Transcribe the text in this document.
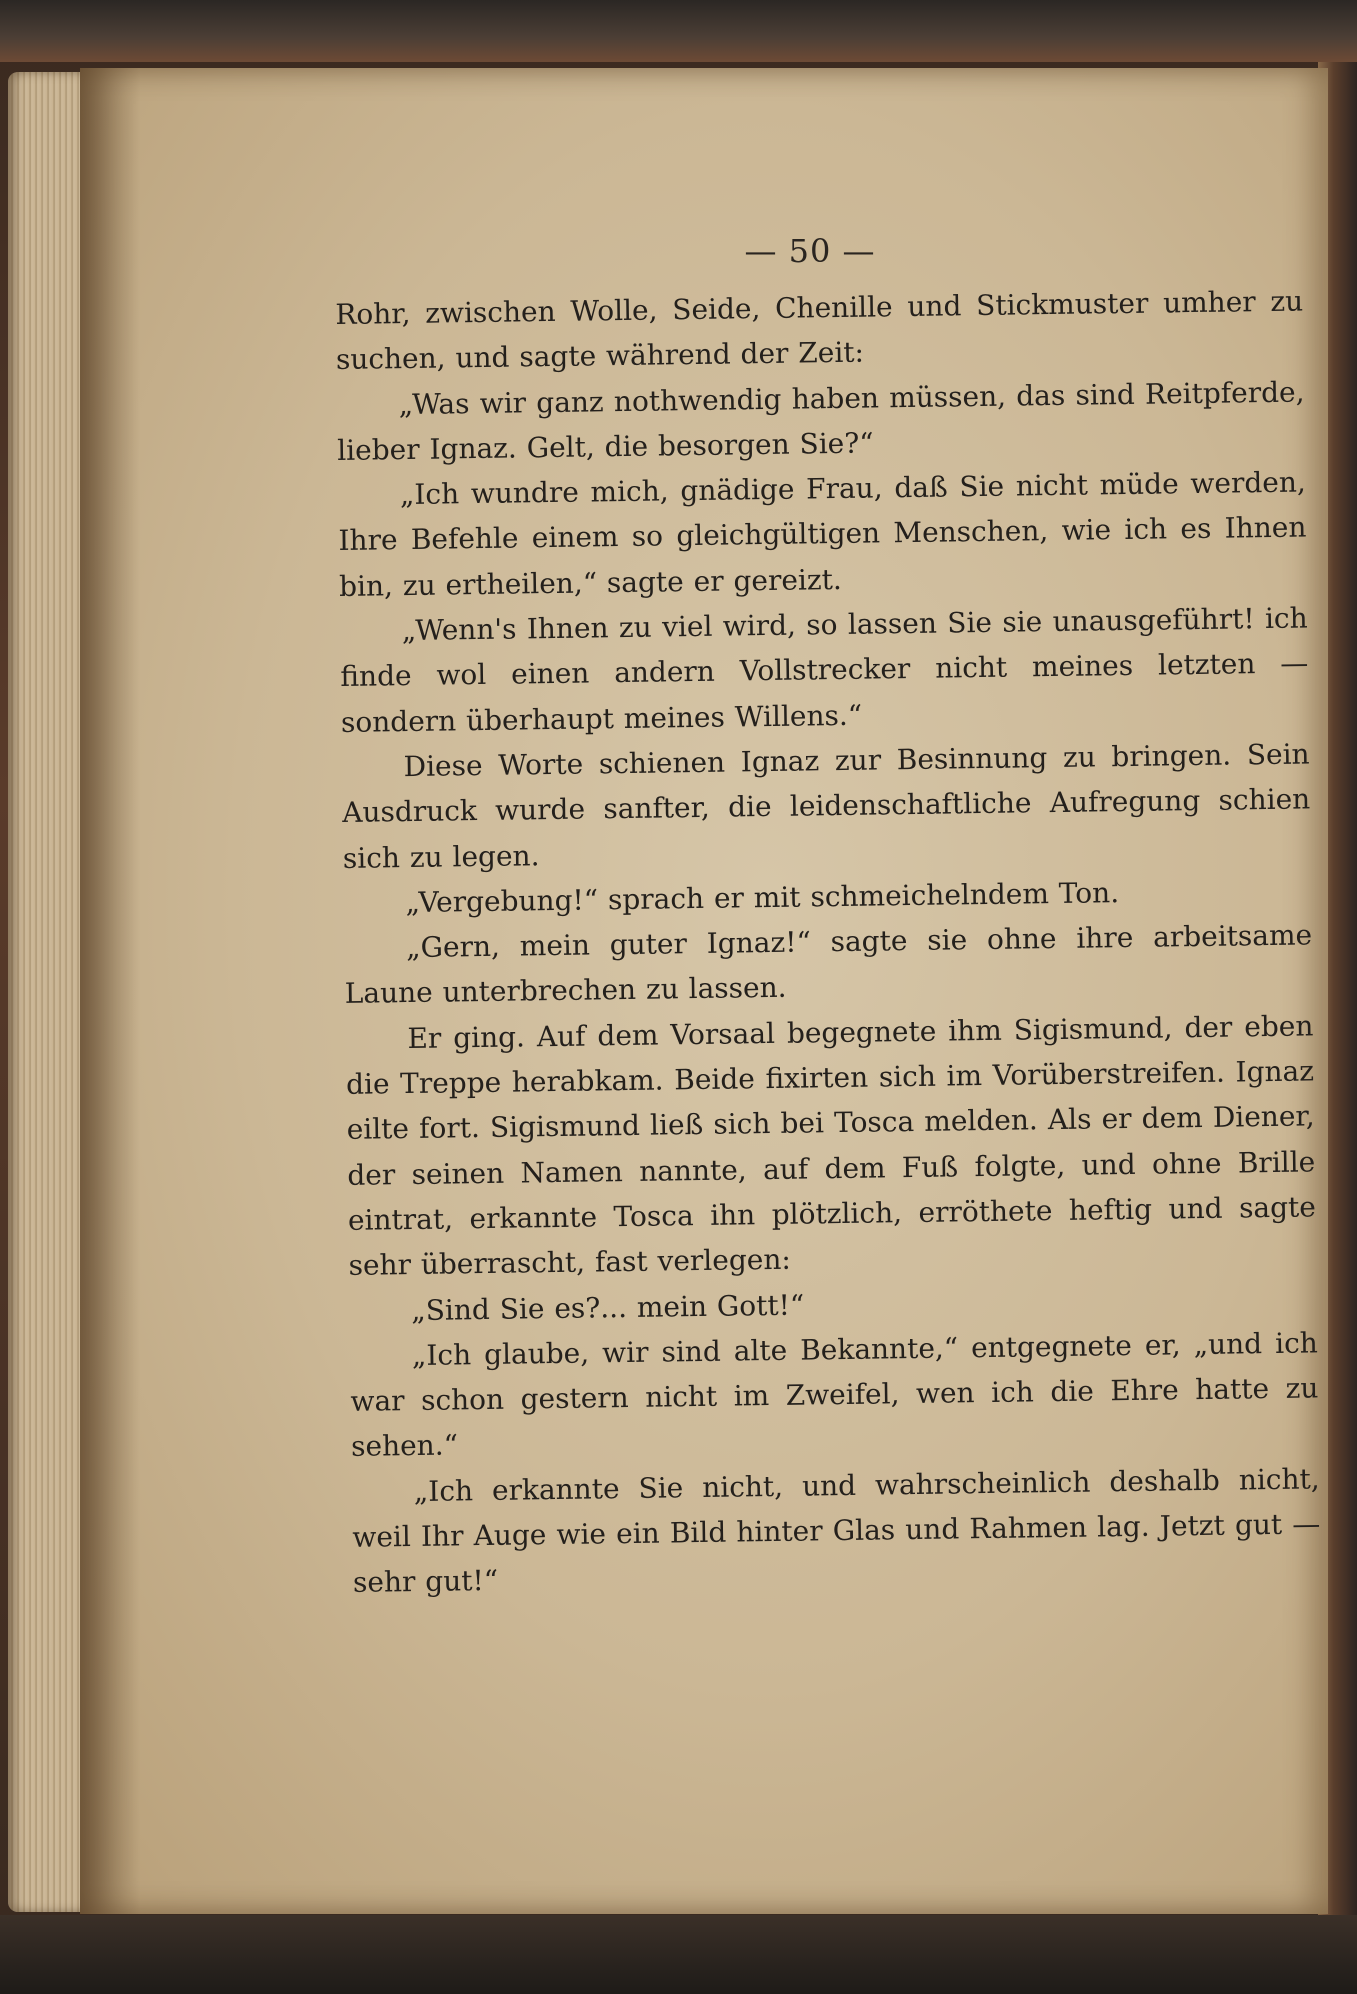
— 50 —

Rohr, zwischen Wolle, Seide, Chenille und Stickmuster umher zu suchen, und sagte während der Zeit:

„Was wir ganz nothwendig haben müssen, das sind Reitpferde, lieber Ignaz. Gelt, die besorgen Sie?“

„Ich wundre mich, gnädige Frau, daß Sie nicht müde werden, Ihre Befehle einem so gleichgültigen Menschen, wie ich es Ihnen bin, zu ertheilen,“ sagte er gereizt.

„Wenn's Ihnen zu viel wird, so lassen Sie sie unausgeführt! ich finde wol einen andern Vollstrecker nicht meines letzten — sondern überhaupt meines Willens.“

Diese Worte schienen Ignaz zur Besinnung zu bringen. Sein Ausdruck wurde sanfter, die leidenschaftliche Aufregung schien sich zu legen.

„Vergebung!“ sprach er mit schmeichelndem Ton.

„Gern, mein guter Ignaz!“ sagte sie ohne ihre arbeitsame Laune unterbrechen zu lassen.

Er ging. Auf dem Vorsaal begegnete ihm Sigismund, der eben die Treppe herabkam. Beide fixirten sich im Vorüberstreifen. Ignaz eilte fort. Sigismund ließ sich bei Tosca melden. Als er dem Diener, der seinen Namen nannte, auf dem Fuß folgte, und ohne Brille eintrat, erkannte Tosca ihn plötzlich, erröthete heftig und sagte sehr überrascht, fast verlegen:

„Sind Sie es?... mein Gott!“

„Ich glaube, wir sind alte Bekannte,“ entgegnete er, „und ich war schon gestern nicht im Zweifel, wen ich die Ehre hatte zu sehen.“

„Ich erkannte Sie nicht, und wahrscheinlich deshalb nicht, weil Ihr Auge wie ein Bild hinter Glas und Rahmen lag. Jetzt gut — sehr gut!“
